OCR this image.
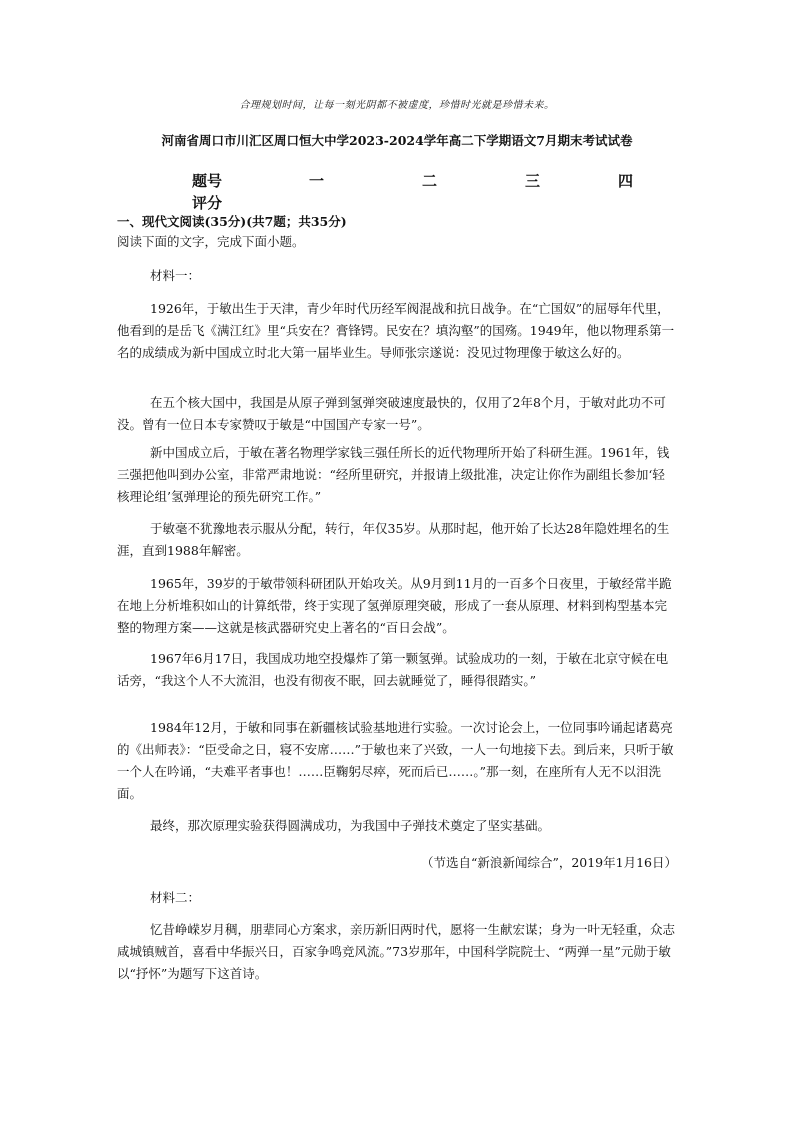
合理规划时间，让每一刻光阴都不被虚度，珍惜时光就是珍惜未来。
河南省周口市川汇区周口恒大中学2023-2024学年高二下学期语文7月期末考试试卷
题号	一	二	三	四
评分
一、现代文阅读(35分)(共7题；共35分)
阅读下面的文字，完成下面小题。
材料一：

1926年，于敏出生于天津，青少年时代历经军阀混战和抗日战争。在“亡国奴”的屈辱年代里，他看到的是岳飞《满江红》里“兵安在？膏锋锷。民安在？填沟壑”的国殇。1949年，他以物理系第一名的成绩成为新中国成立时北大第一届毕业生。导师张宗遂说：没见过物理像于敏这么好的。

在五个核大国中，我国是从原子弹到氢弹突破速度最快的，仅用了2年8个月，于敏对此功不可没。曾有一位日本专家赞叹于敏是“中国国产专家一号”。

新中国成立后，于敏在著名物理学家钱三强任所长的近代物理所开始了科研生涯。1961年，钱三强把他叫到办公室，非常严肃地说：“经所里研究，并报请上级批准，决定让你作为副组长参加‘轻核理论组’氢弹理论的预先研究工作。”

于敏毫不犹豫地表示服从分配，转行，年仅35岁。从那时起，他开始了长达28年隐姓埋名的生涯，直到1988年解密。

1965年，39岁的于敏带领科研团队开始攻关。从9月到11月的一百多个日夜里，于敏经常半跪在地上分析堆积如山的计算纸带，终于实现了氢弹原理突破，形成了一套从原理、材料到构型基本完整的物理方案——这就是核武器研究史上著名的“百日会战”。

1967年6月17日，我国成功地空投爆炸了第一颗氢弹。试验成功的一刻，于敏在北京守候在电话旁，“我这个人不大流泪，也没有彻夜不眠，回去就睡觉了，睡得很踏实。”

1984年12月，于敏和同事在新疆核试验基地进行实验。一次讨论会上，一位同事吟诵起诸葛亮的《出师表》：“臣受命之日，寝不安席……”于敏也来了兴致，一人一句地接下去。到后来，只听于敏一个人在吟诵，“夫难平者事也！……臣鞠躬尽瘁，死而后已……。”那一刻，在座所有人无不以泪洗面。

最终，那次原理实验获得圆满成功，为我国中子弹技术奠定了坚实基础。

（节选自“新浪新闻综合”，2019年1月16日）
材料二：

忆昔峥嵘岁月稠，朋辈同心方案求，亲历新旧两时代，愿将一生献宏谋；身为一叶无轻重，众志咸城镇贼首，喜看中华振兴日，百家争鸣竞风流。”73岁那年，中国科学院院士、“两弹一星”元勋于敏以“抒怀”为题写下这首诗。
